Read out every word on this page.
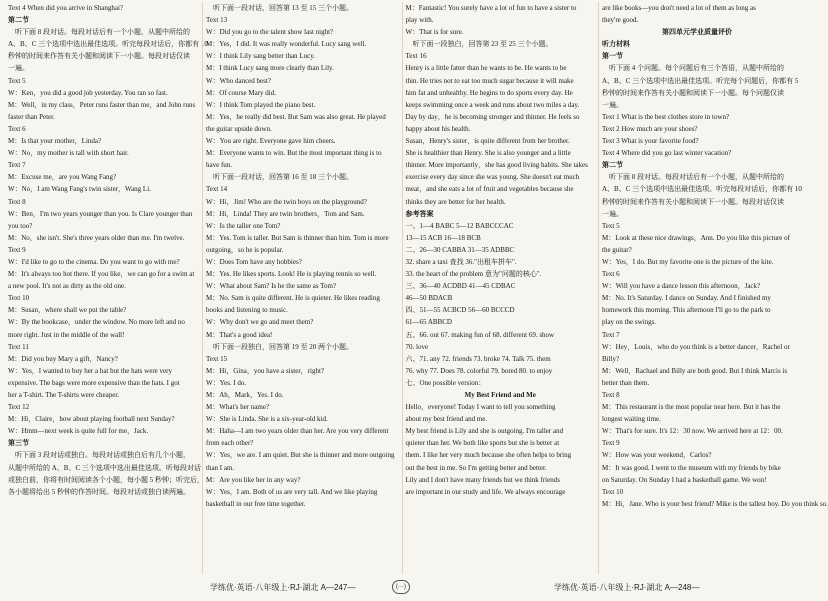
Text 4 When did you arrive in Shanghai?
第二节
听下面 8 段对话。每段对话后有一个小题，从题中所给的
A、B、C 三个选项中选出最佳选项。听完每段对话后，你都有 10
秒钟的时间来作答有关小题和阅读下一小题。每段对话仅读
一遍。
Text 5
W：Ken，you did a good job yesterday. You ran so fast.
M：Well，in my class，Peter runs faster than me，and John runs
faster than Peter.
Text 6
M：Is that your mother，Linda?
W：No，my mother is tall with short hair.
Text 7
M：Excuse me，are you Wang Fang?
W：No，I am Wang Fang's twin sister，Wang Li.
Text 8
W：Ben，I'm two years younger than you. Is Clare younger than
you too?
M：No，she isn't. She's three years older than me. I'm twelve.
Text 9
W：I'd like to go to the cinema. Do you want to go with me?
M：It's always too hot there. If you like，we can go for a swim at
a new pool. It's not as dirty as the old one.
Text 10
M：Susan，where shall we put the table?
W：By the bookcase，under the window. No more left and no
more right. Just in the middle of the wall!
Text 11
M：Did you buy Mary a gift，Nancy?
W：Yes，I wanted to buy her a hat but the hats were very
expensive. The bags were more expensive than the hats. I got
her a T-shirt. The T-shirts were cheaper.
Text 12
M：Hi，Claire，how about playing football next Sunday?
W：Hmm—next week is quite full for me，Jack.
第三节
听下面 3 段对话或独白。每段对话或独白后有几个小题，
从题中所给的 A、B、C 三个选项中选出最佳选项。听每段对话
或独白前，你将有时间阅读各个小题，每小题 5 秒钟；听完后，
各小题将给出 5 秒钟的作答时间。每段对话或独白读两遍。
听下面一段对话，回答第 13 至 15 三个小题。
Text 13
W：Did you go to the talent show last night?
M：Yes，I did. It was really wonderful. Lucy sang well.
W：I think Lily sang better than Lucy.
M：I think Lucy sang more clearly than Lily.
W：Who danced best?
M：Of course Mary did.
W：I think Tom played the piano best.
M：Yes，he really did best. But Sam was also great. He played
the guitar upside down.
W：You are right. Everyone gave him cheers.
M：Everyone wants to win. But the most important thing is to
have fun.
听下面一段对话，回答第 16 至 18 三个小题。
Text 14
W：Hi，Jim! Who are the twin boys on the playground?
M：Hi，Linda! They are twin brothers，Tom and Sam.
W：Is the taller one Tom?
M：Yes. Tom is taller. But Sam is thinner than him. Tom is more
outgoing，so he is popular.
W：Does Tom have any hobbies?
M：Yes. He likes sports. Look! He is playing tennis so well.
W：What about Sam? Is he the same as Tom?
M：No. Sam is quite different. He is quieter. He likes reading
books and listening to music.
W：Why don't we go and meet them?
M：That's a good idea!
听下面一段独白，回答第 19 至 20 两个小题。
Text 15
M：Hi，Gina，you have a sister，right?
W：Yes. I do.
M：Ah，Mark，Yes. I do.
M：What's her name?
W：She is Linda. She is a six-year-old kid.
M：Haha—I am two years older than her. Are you very different
from each other?
W：Yes，we are. I am quiet. But she is thinner and more outgoing
than I am.
M：Are you like her in any way?
W：Yes，I am. Both of us are very tall. And we like playing
basketball in our free time together.
M：Fantastic! You surely have a lot of fun to have a sister to
play with.
W：That is for sure.
听下面一段独白，回答第 23 至 25 三个小题。
Text 16
Henry is a little fatter than he wants to be. He wants to be
thin. He tries not to eat too much sugar because it will make
him fat and unhealthy. He begins to do sports every day. He
keeps swimming once a week and runs about two miles a day.
Day by day，he is becoming stronger and thinner. He feels so
happy about his health.
Susan，Henry's sister，is quite different from her brother.
She is healthier than Henry. She is also younger and a little
thinner. More importantly，she has good living habits. She takes
exercise every day since she was young. She doesn't eat much
meat，and she eats a lot of fruit and vegetables because she
thinks they are better for her health.
参考答案
一、1—4 BABC 5—12 BABCCCAC
13—15 ACB 16—18 BCB
二、26—30 CABBA 31—35 ADBBC
32. share a taxi 查找 36."出租车拼车".
33. the heart of the problem 意为"问题的核心".
三、36—40 ACDBD 41—45 CDBAC
46—50 BDACB
四、51—55 ACBCD 56—60 BCCCD
61—65 ABBCD
五、66. out 67. making fun of 68. different 69. show
70. love
六、71. any 72. friends 73. broke 74. Talk 75. them
76. why 77. Does 78. colorful 79. bored 80. to enjoy
七、One possible version：
My Best Friend and Me
Hello，everyone! Today I want to tell you something
about my best friend and me.
My best friend is Lily and she is outgoing. I'm taller and
quieter than her. We both like sports but she is better at
them. I like her very much because she often helps to bring
out the best in me. So I'm getting better and better.
Lily and I don't have many friends but we think friends
are important in our study and life. We always encourage
are like books—you don't need a lot of them as long as
they're good.
第四单元学业质量评价
听力材料
第一节
听下面 4 个问题。每个问题后有三个答语，从题中所给的
A、B、C 三个选项中选出最佳选项。听完每个问题后，你都有 5
秒钟的时间来作答有关小题和阅读下一小题。每个问题仅读
一遍。
Text 1 What is the best clothes store in town?
Text 2 How much are your shoes?
Text 3 What is your favorite food?
Text 4 Where did you go last winter vacation?
第二节
听下面 8 段对话。每段对话后有一个小题，从题中所给的
A、B、C 三个选项中选出最佳选项。听完每段对话后，你都有 10
秒钟的时间来作答有关小题和阅读下一小题。每段对话仅读
一遍。
Text 5
M：Look at these nice drawings，Ann. Do you like this picture of
the guitar?
W：Yes，I do. But my favorite one is the picture of the kite.
Text 6
W：Will you have a dance lesson this afternoon，Jack?
M：No. It's Saturday. I dance on Sunday. And I finished my
homework this morning. This afternoon I'll go to the park to
play on the swings.
Text 7
W：Hey，Louis，who do you think is a better dancer，Rachel or
Billy?
M：Well，Rachael and Billy are both good. But I think Marcis is
better than them.
Text 8
M：This restaurant is the most popular near here. But it has the
longest waiting time.
W：That's for sure. It's 12：30 now. We arrived here at 12：00.
Text 9
W：How was your weekend，Carlos?
M：It was good. I went to the museum with my friends by bike
on Saturday. On Sunday I had a basketball game. We won!
Text 10
M：Hi，Jane. Who is your best friend? Mike is the tallest boy. Do you think so.
学练优·英语·八年级上·RJ·湖北 A—247—	(···)	学练优·英语·八年级上·RJ·湖北 A—248—
